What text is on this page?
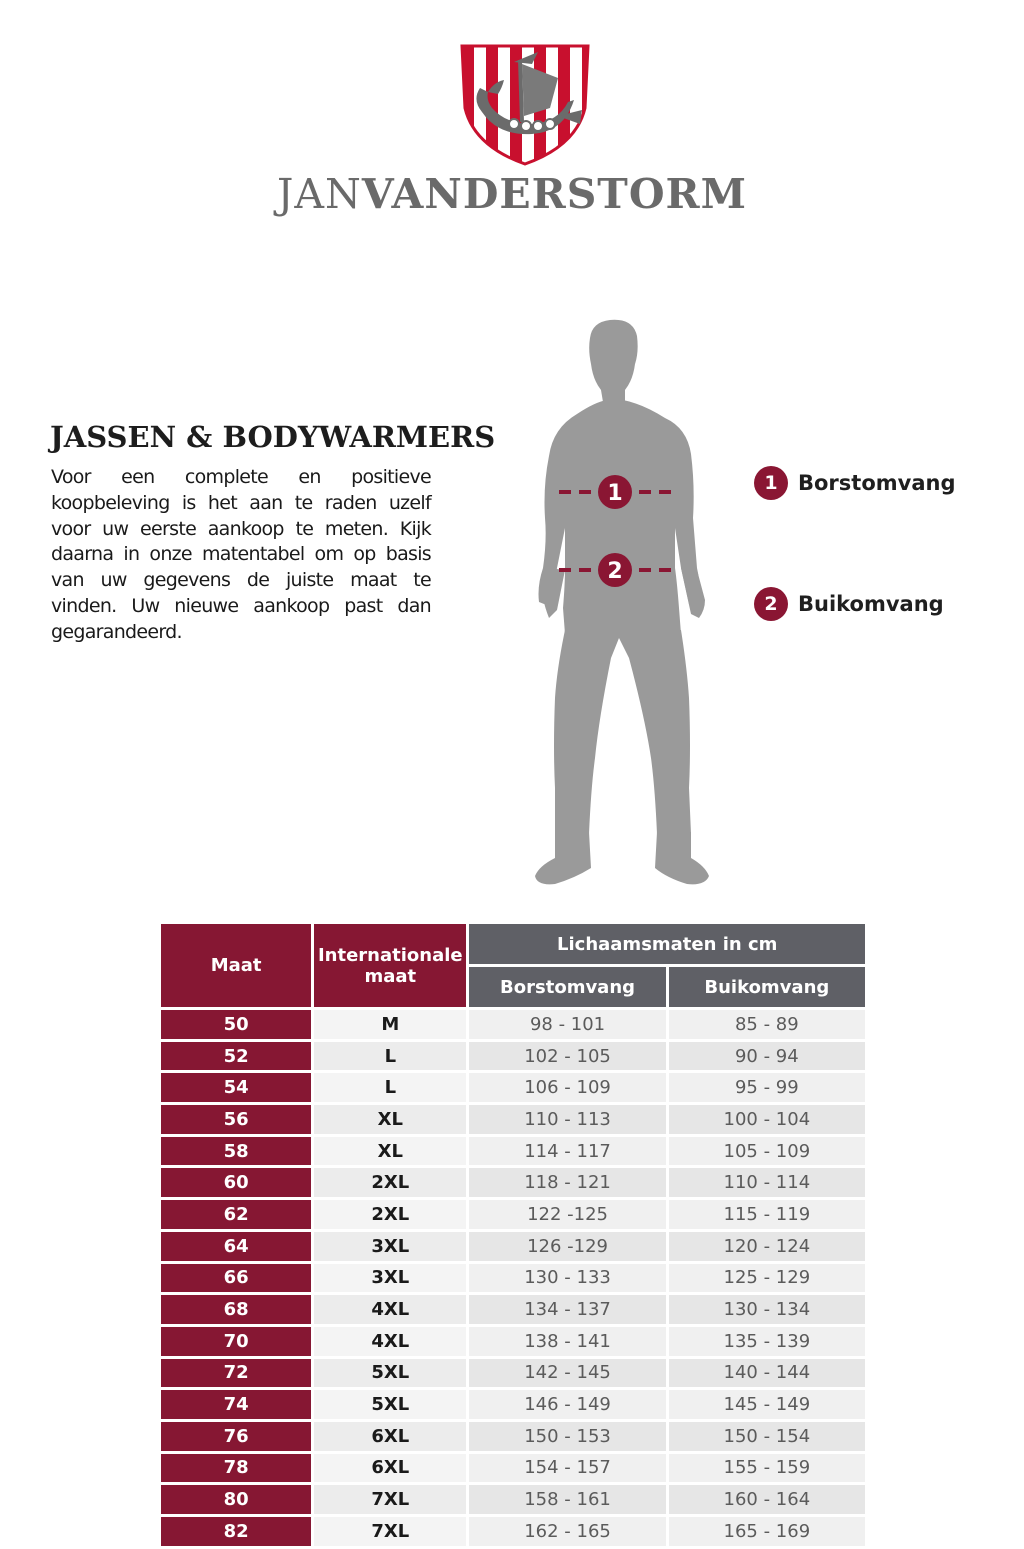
JANVANDERSTORM
JASSEN & BODYWARMERS

Voor een complete en positieve koopbeleving is het aan te raden uzelf voor uw eerste aankoop te meten. Kijk daarna in onze matentabel om op basis van uw gegevens de juiste maat te vinden. Uw nieuwe aankoop past dan gegarandeerd.

1
2
1 Borstomvang
2 Buikomvang
Maat	Internationale maat	Lichaamsmaten in cm	
		Borstomvang	Buikomvang
50	M	98 - 101	85 - 89
52	L	102 - 105	90 - 94
54	L	106 - 109	95 - 99
56	XL	110 - 113	100 - 104
58	XL	114 - 117	105 - 109
60	2XL	118 - 121	110 - 114
62	2XL	122 -125	115 - 119
64	3XL	126 -129	120 - 124
66	3XL	130 - 133	125 - 129
68	4XL	134 - 137	130 - 134
70	4XL	138 - 141	135 - 139
72	5XL	142 - 145	140 - 144
74	5XL	146 - 149	145 - 149
76	6XL	150 - 153	150 - 154
78	6XL	154 - 157	155 - 159
80	7XL	158 - 161	160 - 164
82	7XL	162 - 165	165 - 169
